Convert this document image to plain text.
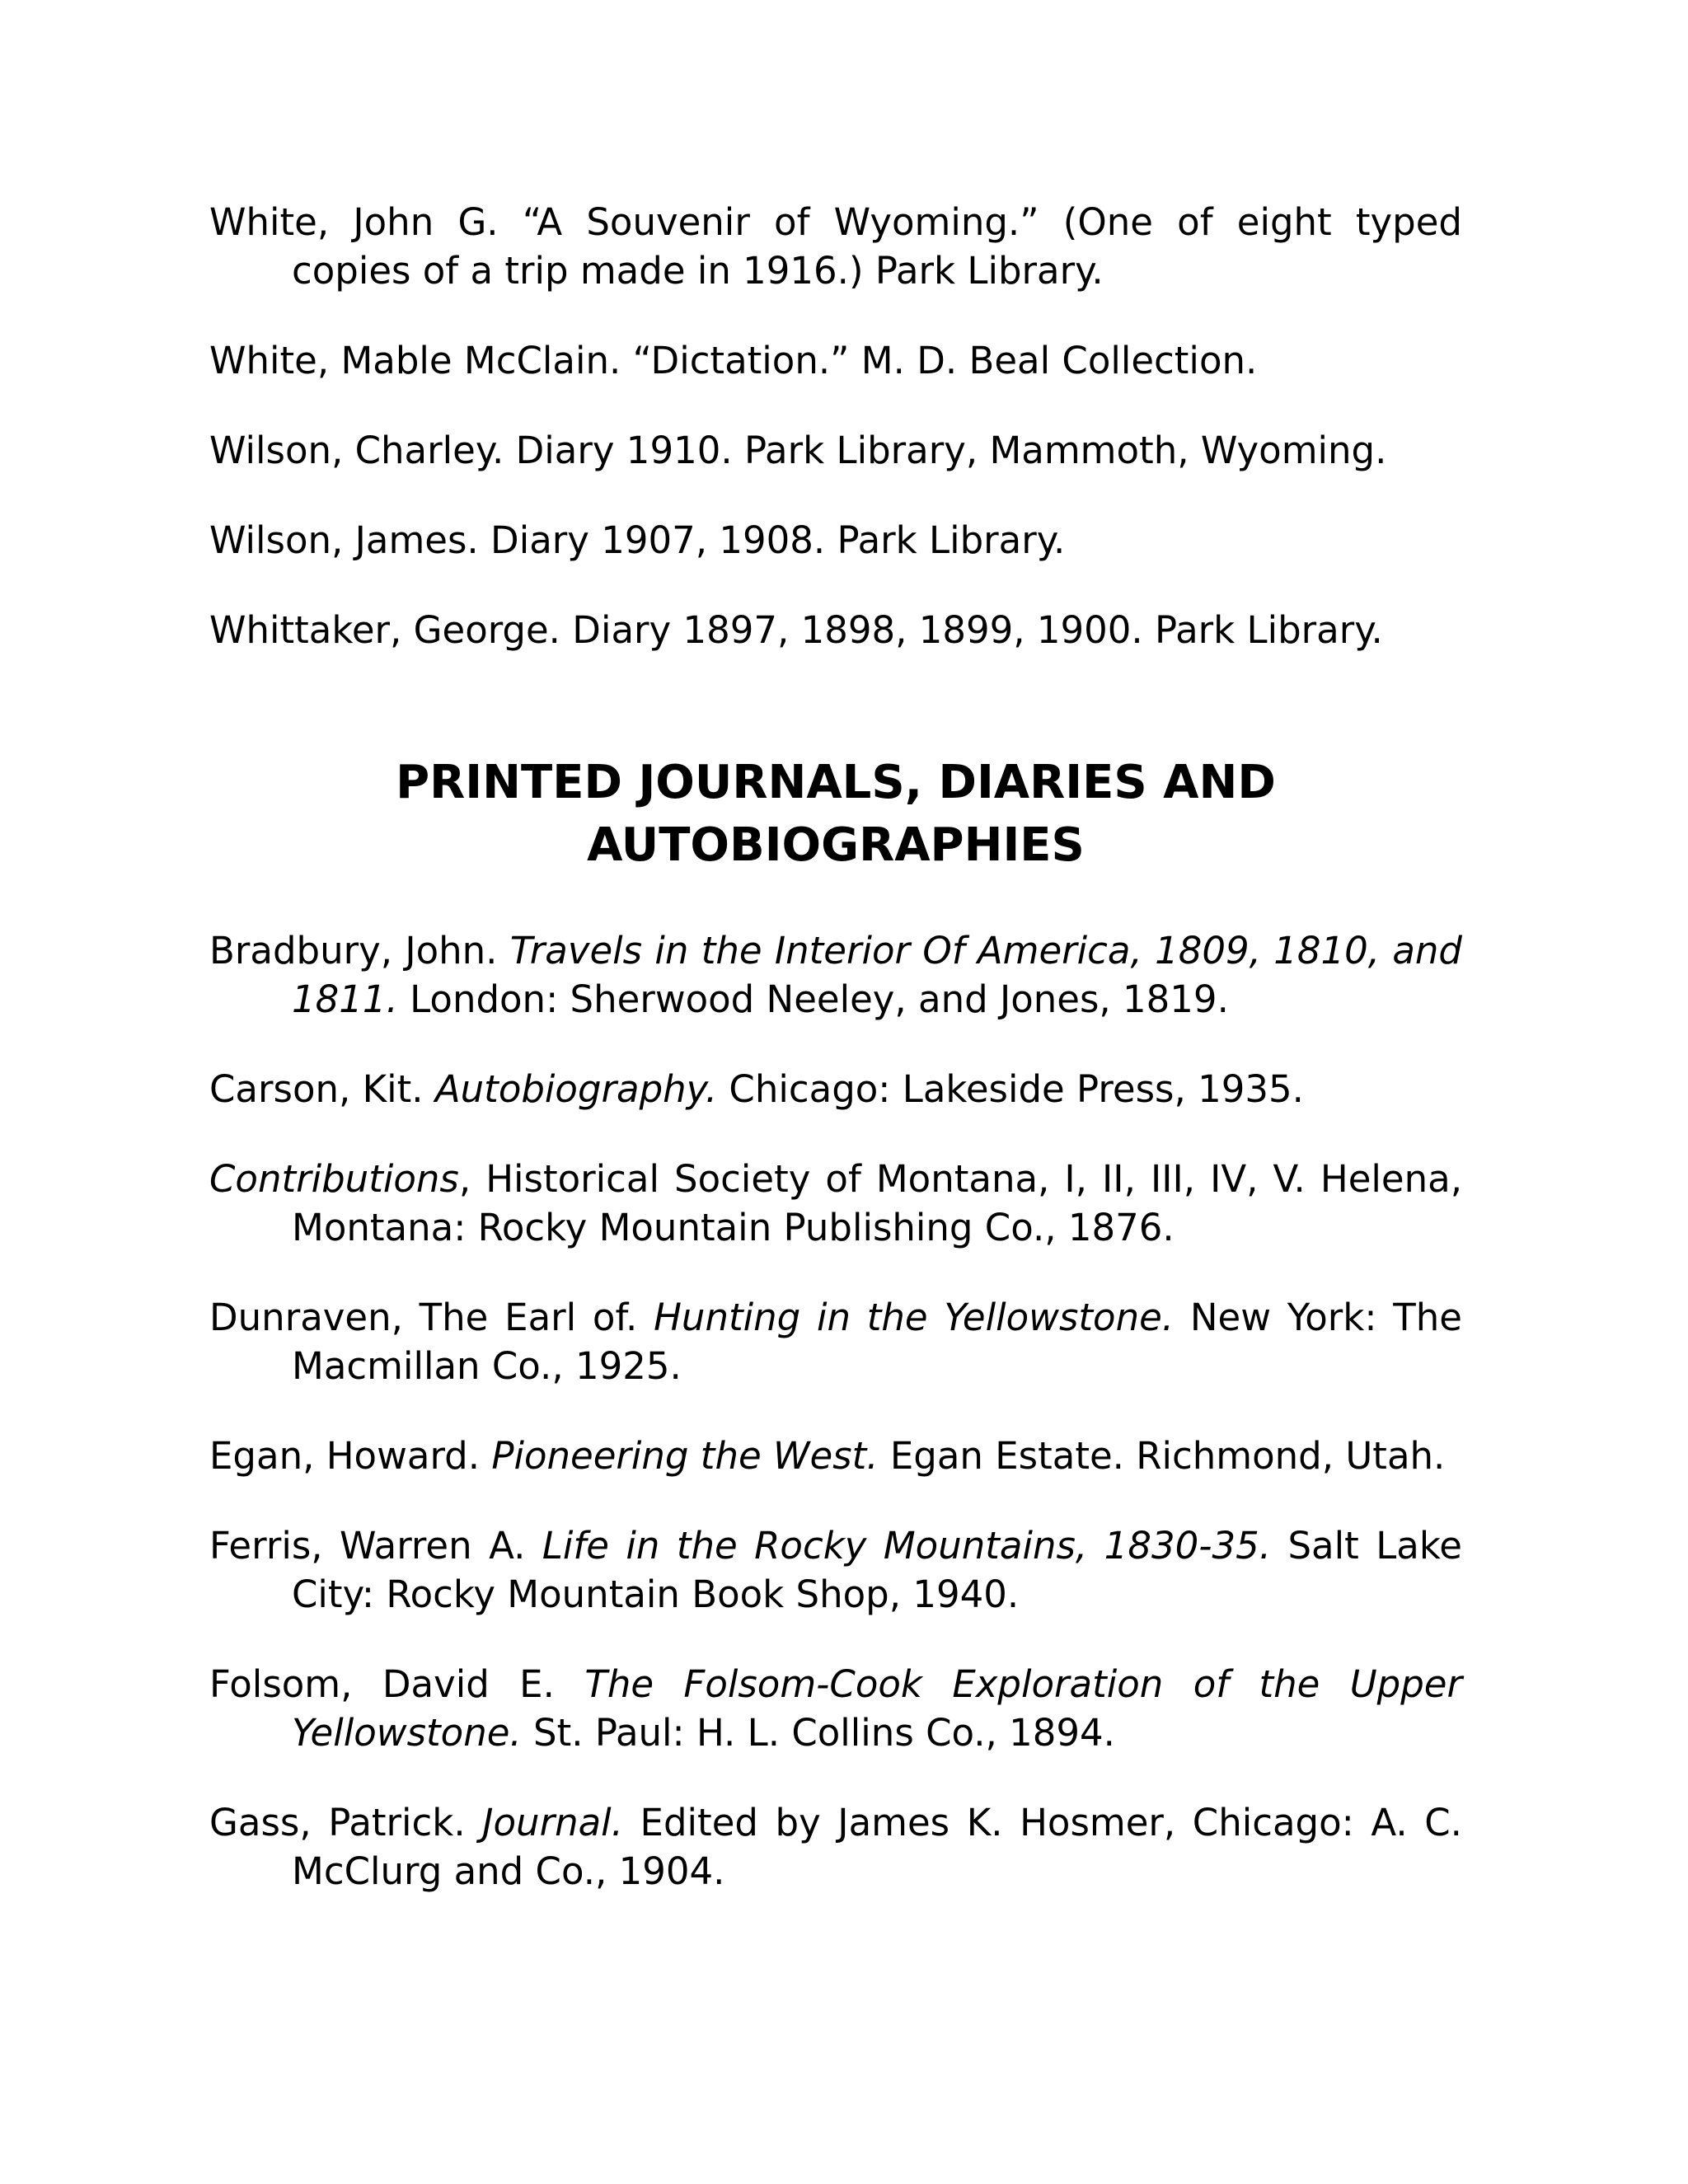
White, John G. “A Souvenir of Wyoming.” (One of eight typed copies of a trip made in 1916.) Park Library.

White, Mable McClain. “Dictation.” M. D. Beal Collection.

Wilson, Charley. Diary 1910. Park Library, Mammoth, Wyoming.

Wilson, James. Diary 1907, 1908. Park Library.

Whittaker, George. Diary 1897, 1898, 1899, 1900. Park Library.

PRINTED JOURNALS, DIARIES AND
AUTOBIOGRAPHIES

Bradbury, John. Travels in the Interior Of America, 1809, 1810, and 1811. London: Sherwood Neeley, and Jones, 1819.

Carson, Kit. Autobiography. Chicago: Lakeside Press, 1935.

Contributions, Historical Society of Montana, I, II, III, IV, V. Helena, Montana: Rocky Mountain Publishing Co., 1876.

Dunraven, The Earl of. Hunting in the Yellowstone. New York: The Macmillan Co., 1925.

Egan, Howard. Pioneering the West. Egan Estate. Richmond, Utah.

Ferris, Warren A. Life in the Rocky Mountains, 1830-35. Salt Lake City: Rocky Mountain Book Shop, 1940.

Folsom, David E. The Folsom-Cook Exploration of the Upper Yellowstone. St. Paul: H. L. Collins Co., 1894.

Gass, Patrick. Journal. Edited by James K. Hosmer, Chicago: A. C. McClurg and Co., 1904.
